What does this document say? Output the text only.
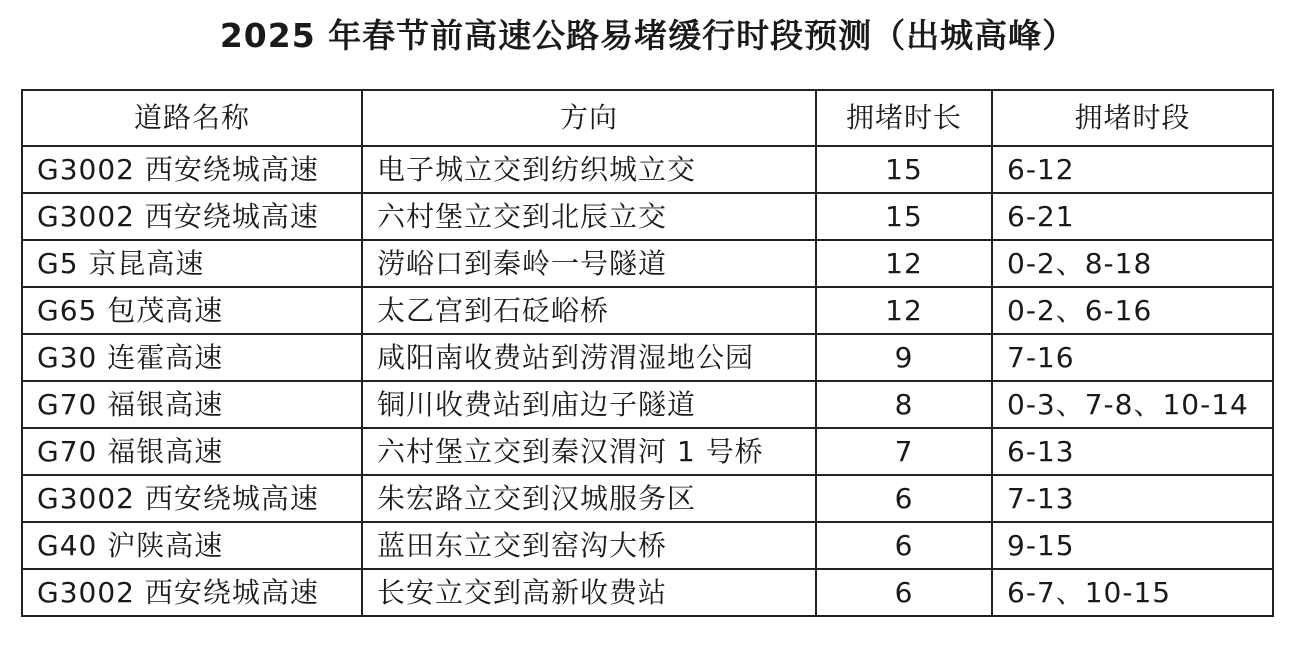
2025 年春节前高速公路易堵缓行时段预测（出城高峰）
道路名称	方向	拥堵时长	拥堵时段
G3002 西安绕城高速	电子城立交到纺织城立交	15	6-12
G3002 西安绕城高速	六村堡立交到北辰立交	15	6-21
G5 京昆高速	涝峪口到秦岭一号隧道	12	0-2、8-18
G65 包茂高速	太乙宫到石砭峪桥	12	0-2、6-16
G30 连霍高速	咸阳南收费站到涝渭湿地公园	9	7-16
G70 福银高速	铜川收费站到庙边子隧道	8	0-3、7-8、10-14
G70 福银高速	六村堡立交到秦汉渭河 1 号桥	7	6-13
G3002 西安绕城高速	朱宏路立交到汉城服务区	6	7-13
G40 沪陕高速	蓝田东立交到窑沟大桥	6	9-15
G3002 西安绕城高速	长安立交到高新收费站	6	6-7、10-15
